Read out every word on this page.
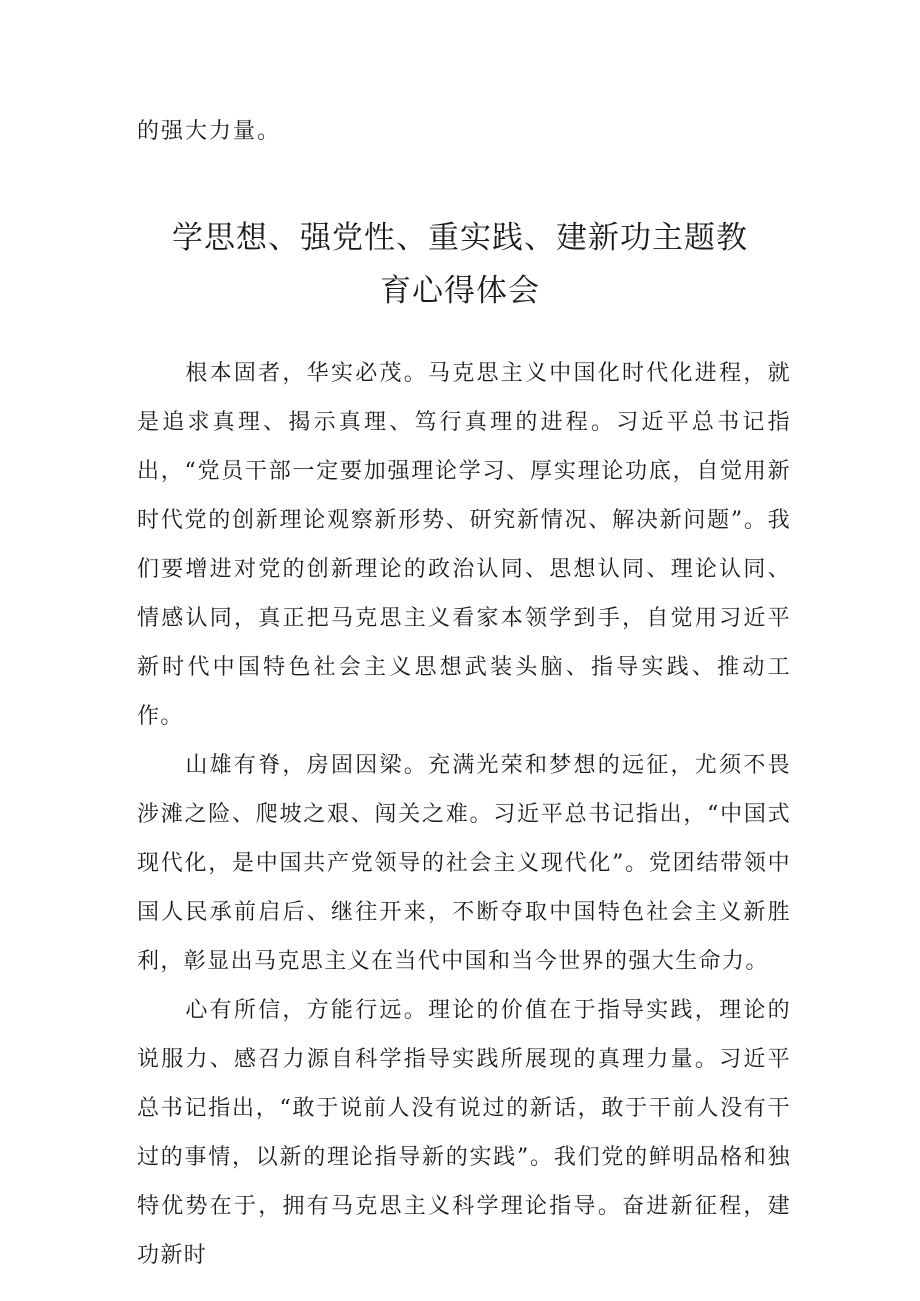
的强大力量。

学思想、强党性、重实践、建新功主题教
育心得体会

根本固者，华实必茂。马克思主义中国化时代化进程，就是追求真理、揭示真理、笃行真理的进程。习近平总书记指出，“党员干部一定要加强理论学习、厚实理论功底，自觉用新时代党的创新理论观察新形势、研究新情况、解决新问题”。我们要增进对党的创新理论的政治认同、思想认同、理论认同、情感认同，真正把马克思主义看家本领学到手，自觉用习近平新时代中国特色社会主义思想武装头脑、指导实践、推动工作。

山雄有脊，房固因梁。充满光荣和梦想的远征，尤须不畏涉滩之险、爬坡之艰、闯关之难。习近平总书记指出，“中国式现代化，是中国共产党领导的社会主义现代化”。党团结带领中国人民承前启后、继往开来，不断夺取中国特色社会主义新胜利，彰显出马克思主义在当代中国和当今世界的强大生命力。

心有所信，方能行远。理论的价值在于指导实践，理论的说服力、感召力源自科学指导实践所展现的真理力量。习近平总书记指出，“敢于说前人没有说过的新话，敢于干前人没有干过的事情，以新的理论指导新的实践”。我们党的鲜明品格和独特优势在于，拥有马克思主义科学理论指导。奋进新征程，建功新时
